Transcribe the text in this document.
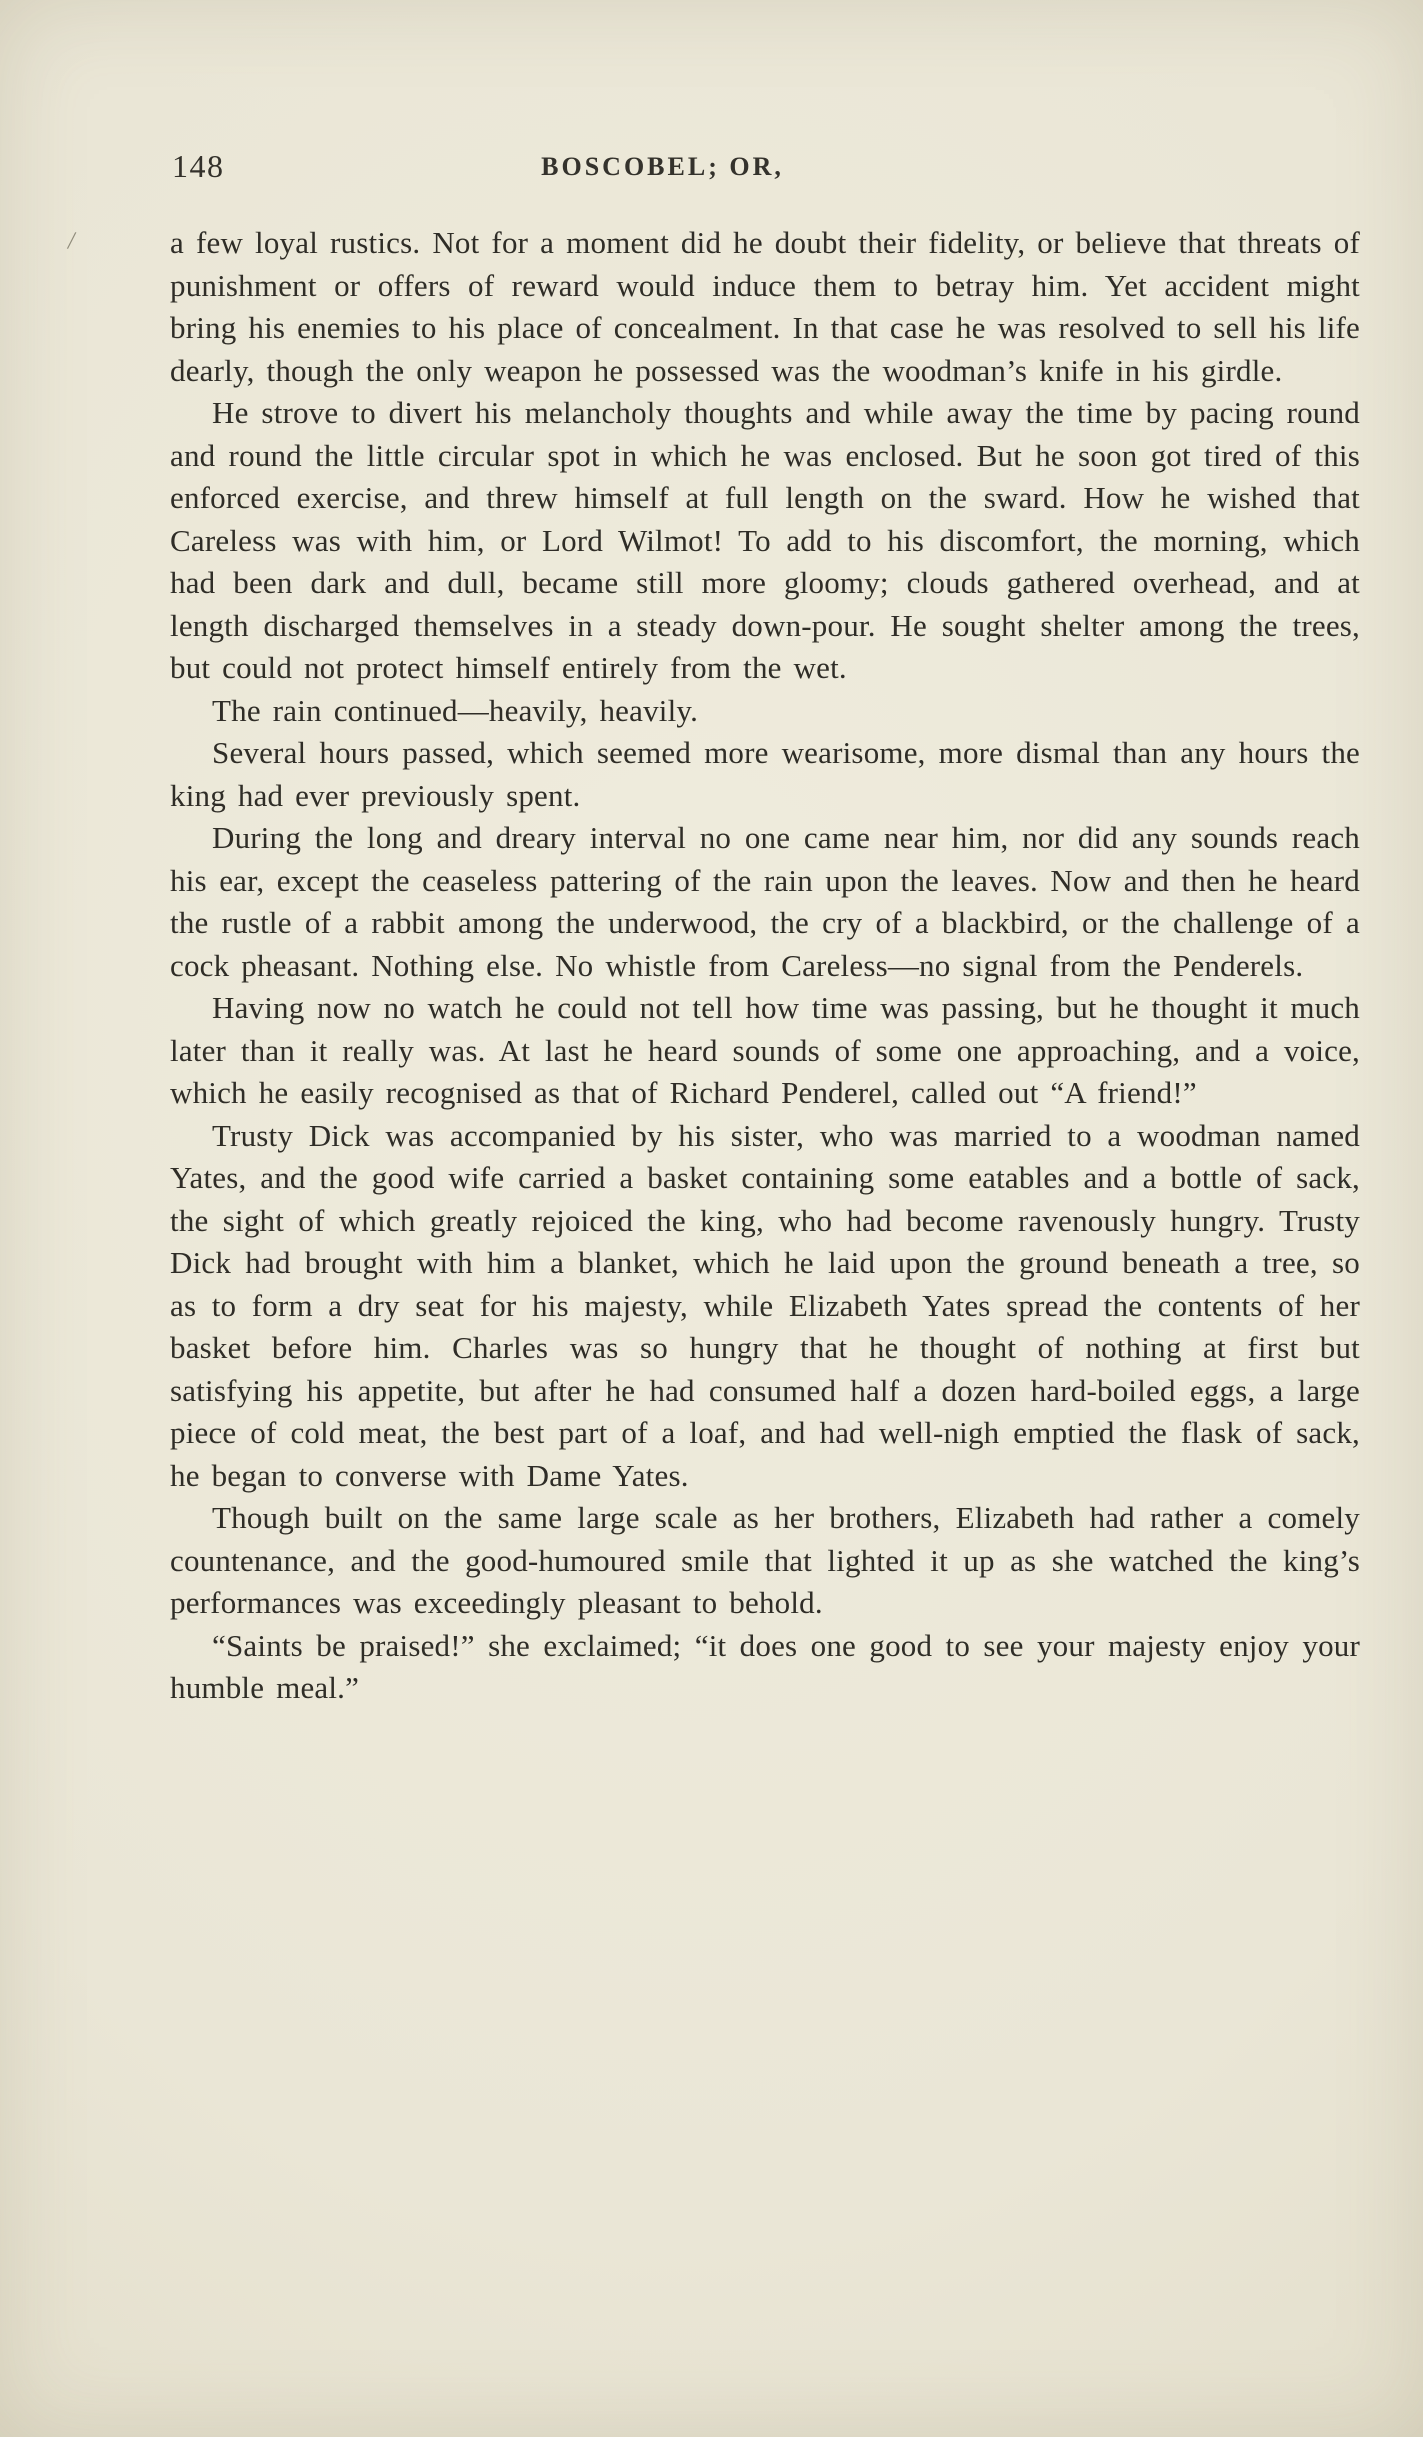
/
148	BOSCOBEL; OR,

a few loyal rustics. Not for a moment did he doubt their fidelity, or believe that threats of punishment or offers of reward would induce them to betray him. Yet accident might bring his enemies to his place of concealment. In that case he was resolved to sell his life dearly, though the only weapon he possessed was the woodman’s knife in his girdle.

He strove to divert his melancholy thoughts and while away the time by pacing round and round the little circular spot in which he was enclosed. But he soon got tired of this enforced exercise, and threw himself at full length on the sward. How he wished that Careless was with him, or Lord Wilmot! To add to his discomfort, the morning, which had been dark and dull, became still more gloomy; clouds gathered overhead, and at length discharged themselves in a steady down-pour. He sought shelter among the trees, but could not protect himself entirely from the wet.

The rain continued—heavily, heavily.

Several hours passed, which seemed more wearisome, more dismal than any hours the king had ever previously spent.

During the long and dreary interval no one came near him, nor did any sounds reach his ear, except the ceaseless pattering of the rain upon the leaves. Now and then he heard the rustle of a rabbit among the underwood, the cry of a blackbird, or the challenge of a cock pheasant. Nothing else. No whistle from Careless—no signal from the Penderels.

Having now no watch he could not tell how time was passing, but he thought it much later than it really was. At last he heard sounds of some one approaching, and a voice, which he easily recognised as that of Richard Penderel, called out “A friend!”

Trusty Dick was accompanied by his sister, who was married to a woodman named Yates, and the good wife carried a basket containing some eatables and a bottle of sack, the sight of which greatly rejoiced the king, who had become ravenously hungry. Trusty Dick had brought with him a blanket, which he laid upon the ground beneath a tree, so as to form a dry seat for his majesty, while Elizabeth Yates spread the contents of her basket before him. Charles was so hungry that he thought of nothing at first but satisfying his appetite, but after he had consumed half a dozen hard-boiled eggs, a large piece of cold meat, the best part of a loaf, and had well-nigh emptied the flask of sack, he began to converse with Dame Yates.

Though built on the same large scale as her brothers, Elizabeth had rather a comely countenance, and the good-humoured smile that lighted it up as she watched the king’s performances was exceedingly pleasant to behold.

“Saints be praised!” she exclaimed; “it does one good to see your majesty enjoy your humble meal.”
